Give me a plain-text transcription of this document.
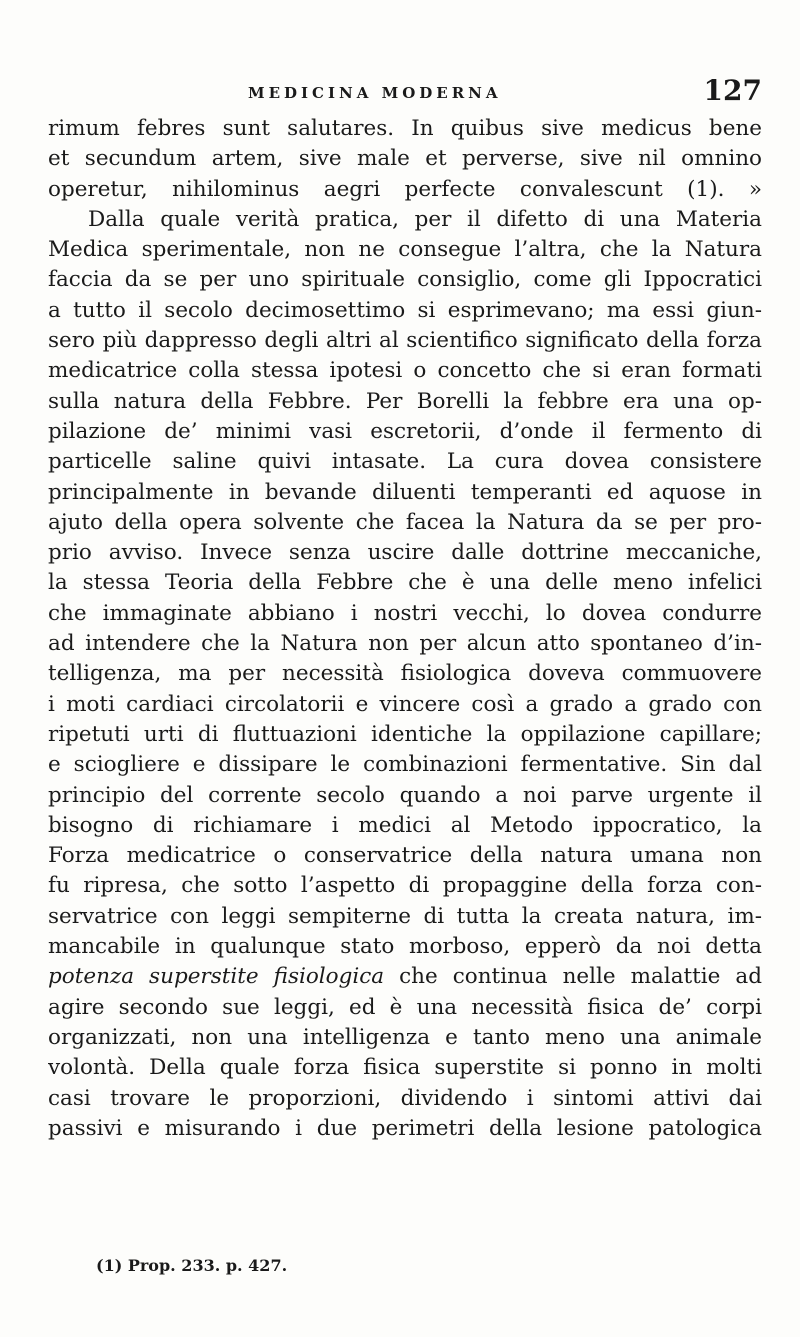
MEDICINA MODERNA	127
rimum febres sunt salutares. In quibus sive medicus bene
et secundum artem, sive male et perverse, sive nil omnino
operetur, nihilominus aegri perfecte convalescunt (1). »
Dalla quale verità pratica, per il difetto di una Materia
Medica sperimentale, non ne consegue l’altra, che la Natura
faccia da se per uno spirituale consiglio, come gli Ippocratici
a tutto il secolo decimosettimo si esprimevano; ma essi giun-
sero più dappresso degli altri al scientifico significato della forza
medicatrice colla stessa ipotesi o concetto che si eran formati
sulla natura della Febbre. Per Borelli la febbre era una op-
pilazione de’ minimi vasi escretorii, d’onde il fermento di
particelle saline quivi intasate. La cura dovea consistere
principalmente in bevande diluenti temperanti ed aquose in
ajuto della opera solvente che facea la Natura da se per pro-
prio avviso. Invece senza uscire dalle dottrine meccaniche,
la stessa Teoria della Febbre che è una delle meno infelici
che immaginate abbiano i nostri vecchi, lo dovea condurre
ad intendere che la Natura non per alcun atto spontaneo d’in-
telligenza, ma per necessità fisiologica doveva commuovere
i moti cardiaci circolatorii e vincere così a grado a grado con
ripetuti urti di fluttuazioni identiche la oppilazione capillare;
e sciogliere e dissipare le combinazioni fermentative. Sin dal
principio del corrente secolo quando a noi parve urgente il
bisogno di richiamare i medici al Metodo ippocratico, la
Forza medicatrice o conservatrice della natura umana non
fu ripresa, che sotto l’aspetto di propaggine della forza con-
servatrice con leggi sempiterne di tutta la creata natura, im-
mancabile in qualunque stato morboso, epperò da noi detta
potenza superstite fisiologica che continua nelle malattie ad
agire secondo sue leggi, ed è una necessità fisica de’ corpi
organizzati, non una intelligenza e tanto meno una animale
volontà. Della quale forza fisica superstite si ponno in molti
casi trovare le proporzioni, dividendo i sintomi attivi dai
passivi e misurando i due perimetri della lesione patologica
(1) Prop. 233. p. 427.
